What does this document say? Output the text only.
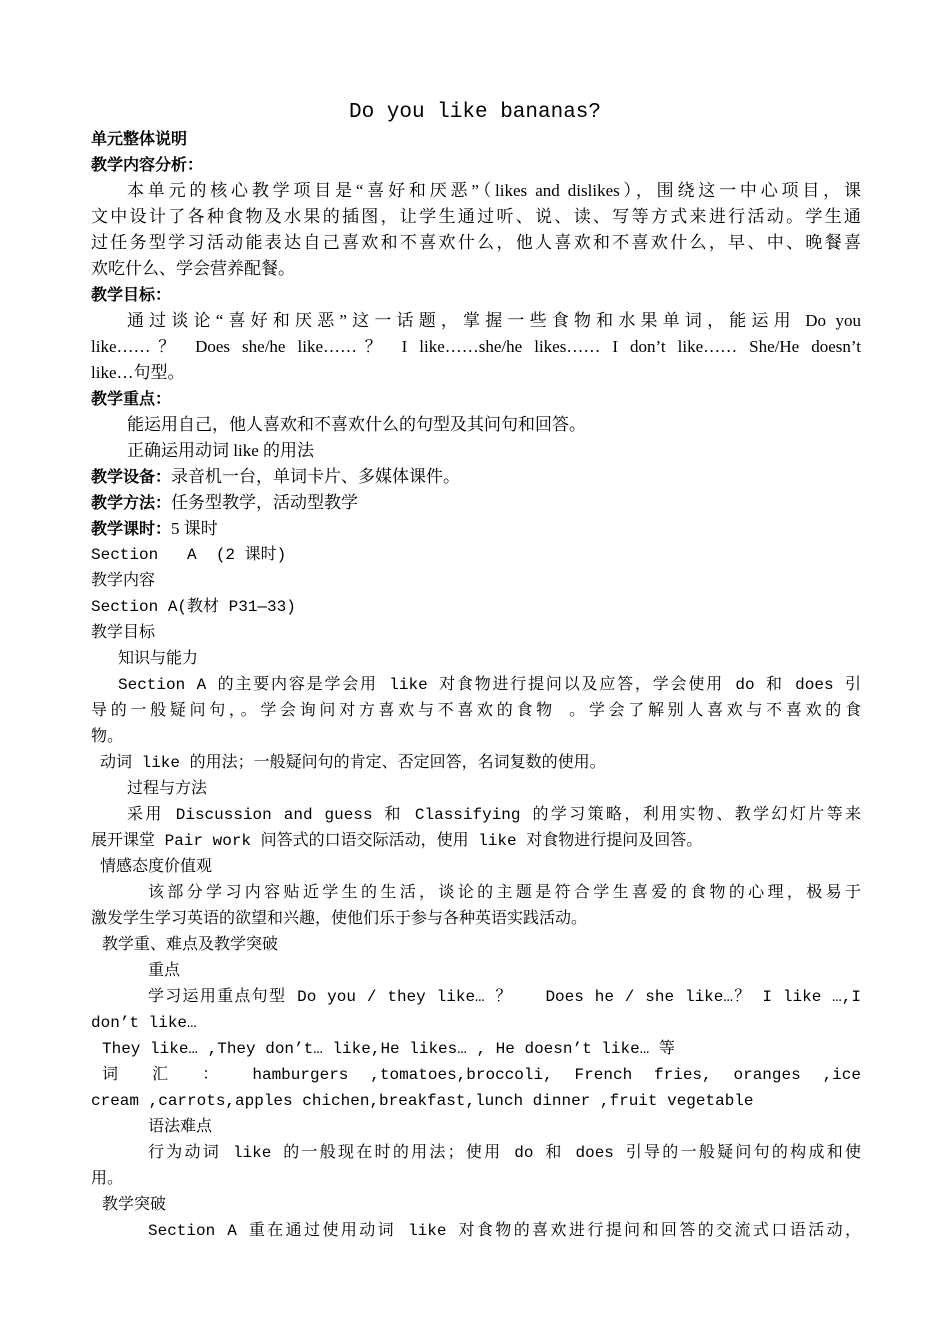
Do you like bananas?
单元整体说明
教学内容分析：
本单元的核心教学项目是“喜好和厌恶”（likes and dislikes），围绕这一中心项目，课
文中设计了各种食物及水果的插图，让学生通过听、说、读、写等方式来进行活动。学生通
过任务型学习活动能表达自己喜欢和不喜欢什么，他人喜欢和不喜欢什么，早、中、晚餐喜
欢吃什么、学会营养配餐。
教学目标：
通过谈论“喜好和厌恶”这一话题，掌握一些食物和水果单词，能运用 Do you
like……？ Does she/he like……？ I like……she/he likes…… I don’t like…… She/He doesn’t
like…句型。
教学重点：
能运用自己，他人喜欢和不喜欢什么的句型及其问句和回答。
正确运用动词 like 的用法
教学设备：录音机一台，单词卡片、多媒体课件。
教学方法：任务型教学，活动型教学
教学课时：5 课时
Section   A  (2 课时)
教学内容
Section A(教材 P31—33)
教学目标
知识与能力
Section A 的主要内容是学会用 like 对食物进行提问以及应答，学会使用 do 和 does 引
导的一般疑问句，。学会询问对方喜欢与不喜欢的食物 。学会了解别人喜欢与不喜欢的食
物。
动词 like 的用法；一般疑问句的肯定、否定回答，名词复数的使用。
过程与方法
采用 Discussion and guess 和 Classifying 的学习策略，利用实物、教学幻灯片等来
展开课堂 Pair work 问答式的口语交际活动，使用 like 对食物进行提问及回答。
情感态度价值观
该部分学习内容贴近学生的生活，谈论的主题是符合学生喜爱的食物的心理，极易于
激发学生学习英语的欲望和兴趣，使他们乐于参与各种英语实践活动。
教学重、难点及教学突破
重点
学习运用重点句型 Do you / they like… ？   Does he / she like…？ I like …,I
don’t like…
They like… ,They don’t… like,He likes… , He doesn’t like… 等
词 汇 ： hamburgers ,tomatoes,broccoli, French fries, oranges ,ice
cream ,carrots,apples chichen,breakfast,lunch dinner ,fruit vegetable
语法难点
行为动词 like 的一般现在时的用法；使用 do 和 does 引导的一般疑问句的构成和使
用。
教学突破
Section A 重在通过使用动词 like 对食物的喜欢进行提问和回答的交流式口语活动，
